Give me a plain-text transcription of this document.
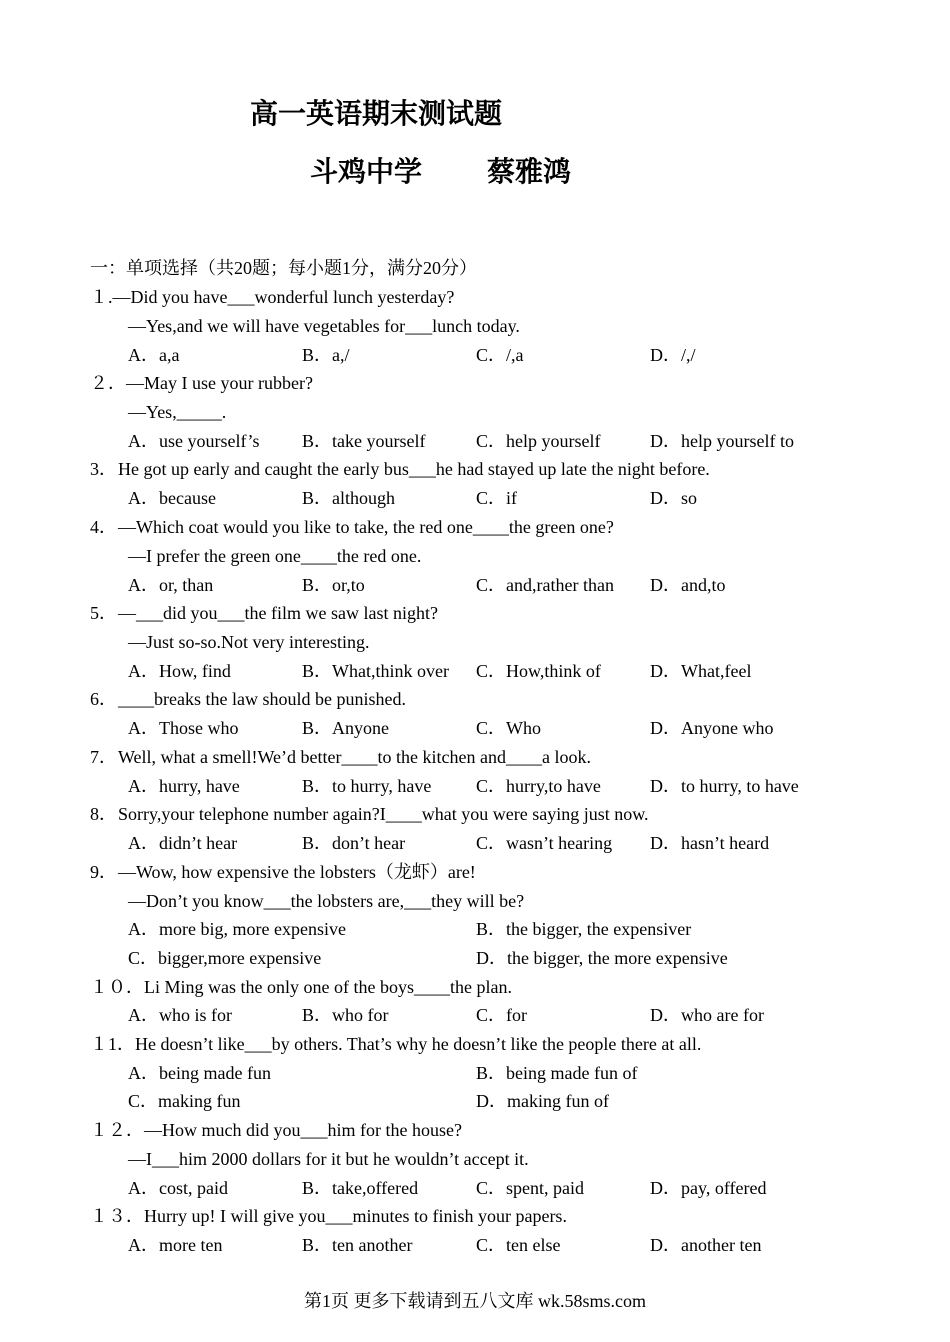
高一英语期末测试题
斗鸡中学 蔡雅鸿
一：单项选择（共20题；每小题1分，满分20分）
１.—Did you have___wonderful lunch yesterday?
—Yes,and we will have vegetables for___lunch today.
A．a,a	B．a,/	C．/,a	D．/,/
２．—May I use your rubber?
—Yes,_____.
A．use yourself’s B．take yourself	C．help yourself	D．help yourself to
3．He got up early and caught the early bus___he had stayed up late the night before.
A．because	B．although	C．if	D．so
4．—Which coat would you like to take, the red one____the green one?
—I prefer the green one____the red one.
A．or, than	B．or,to	C．and,rather than D．and,to
5．—___did you___the film we saw last night?
—Just so-so.Not very interesting.
A．How, find	B．What,think over C．How,think of	D．What,feel
6．____breaks the law should be punished.
A．Those who	B．Anyone	C．Who	D．Anyone who
7．Well, what a smell!We’d better____to the kitchen and____a look.
A．hurry, have	B．to hurry, have C．hurry,to have	D．to hurry, to have
8．Sorry,your telephone number again?I____what you were saying just now.
A．didn’t hear	B．don’t hear	C．wasn’t hearing D．hasn’t heard
9．—Wow, how expensive the lobsters（龙虾）are!
—Don’t you know___the lobsters are,___they will be?
A．more big, more expensive	B．the bigger, the expensiver
C．bigger,more expensive	D．the bigger, the more expensive
１０．Li Ming was the only one of the boys____the plan.
A．who is for	B．who for	C．for	D．who are for
１1．He doesn’t like___by others. That’s why he doesn’t like the people there at all.
A．being made fun	B．being made fun of
C．making fun	D．making fun of
１２．—How much did you___him for the house?
—I___him 2000 dollars for it but he wouldn’t accept it.
A．cost, paid	B．take,offered	C．spent, paid	D．pay, offered
１３．Hurry up! I will give you___minutes to finish your papers.
A．more ten	B．ten another	C．ten else	D．another ten
第1页 更多下载请到五八文库 wk.58sms.com
